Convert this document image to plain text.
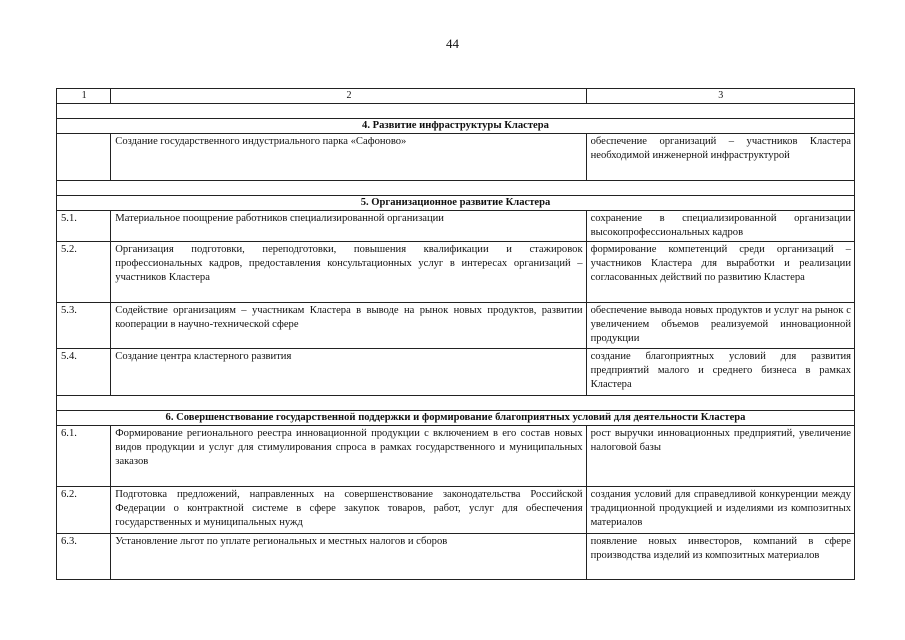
44
1	2	3

4. Развитие инфраструктуры Кластера		
	Создание государственного индустриального парка «Сафоново»	обеспечение организаций – участников Кластера необходимой инженерной инфраструктурой

5. Организационное развитие Кластера		
5.1.	Материальное поощрение работников специализированной организации	сохранение в специализированной организации высокопрофессиональных кадров
5.2.	Организация подготовки, переподготовки, повышения квалификации и стажировок профессиональных кадров, предоставления консультационных услуг в интересах организаций – участников Кластера	формирование компетенций среди организаций – участников Кластера для выработки и реализации согласованных действий по развитию Кластера
5.3.	Содействие организациям – участникам Кластера в выводе на рынок новых продуктов, развитии кооперации в научно-технической сфере	обеспечение вывода новых продуктов и услуг на рынок с увеличением объемов реализуемой инновационной продукции
5.4.	Создание центра кластерного развития	создание благоприятных условий для развития предприятий малого и среднего бизнеса в рамках Кластера

6. Совершенствование государственной поддержки и формирование благоприятных условий для деятельности Кластера		
6.1.	Формирование регионального реестра инновационной продукции с включением в его состав новых видов продукции и услуг для стимулирования спроса в рамках государственного и муниципальных заказов	рост выручки инновационных предприятий, увеличение налоговой базы
6.2.	Подготовка предложений, направленных на совершенствование законодательства Российской Федерации о контрактной системе в сфере закупок товаров, работ, услуг для обеспечения государственных и муниципальных нужд	создания условий для справедливой конкуренции между традиционной продукцией и изделиями из композитных материалов
6.3.	Установление льгот по уплате региональных и местных налогов и сборов	появление новых инвесторов, компаний в сфере производства изделий из композитных материалов
